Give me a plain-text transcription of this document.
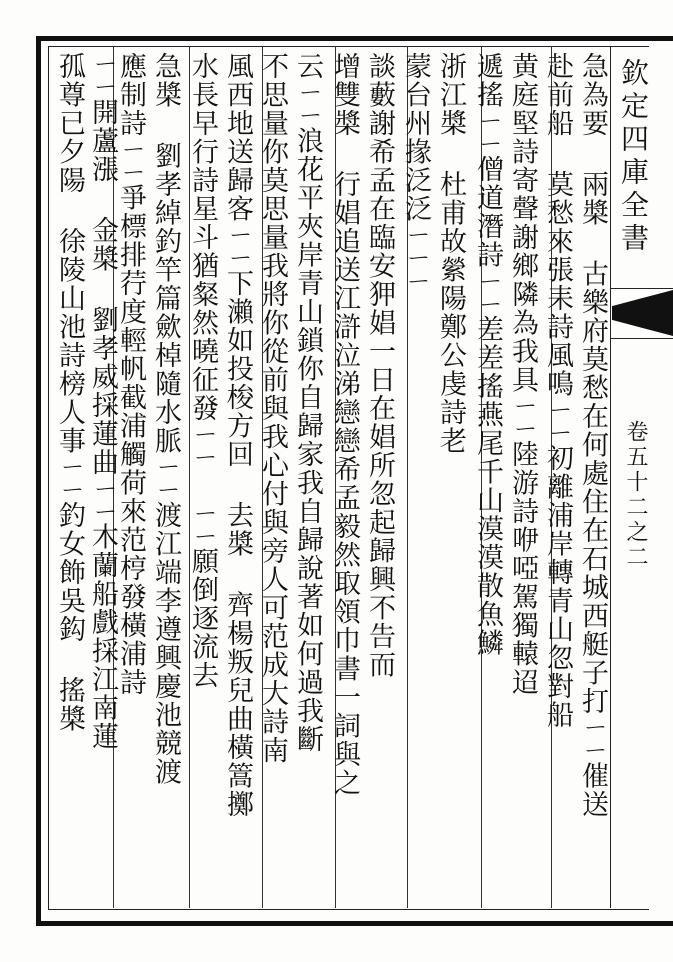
欽定四庫全書
卷五十二之二
急為要 兩槳 古樂府莫愁在何處住在石城西艇子打ㄧㄧ催送
赴前船 莫愁來張耒詩風鳴ㄧㄧ初離浦岸轉青山忽對船
黄庭堅詩寄聲謝鄉隣為我具ㄧㄧ陸游詩咿啞駕獨轅迢
遞搖ㄧㄧ僧道潛詩ㄧㄧ差差搖燕尾千山漠漠散魚鱗
浙江槳 杜甫故縈陽鄭公虔詩老
蒙台州掾泛泛ㄧㄧㄧ
談藪謝希孟在臨安狎娼一日在娼所忽起歸興不告而
增雙槳 行娼追送江滸泣涕戀戀希孟毅然取領巾書一詞與之
云ㄧㄧ浪花平夾岸青山鎖你自歸家我自歸說著如何過我斷
不思量你莫思量我將你從前與我心付與旁人可范成大詩南
風西地送歸客ㄧㄧ下瀨如投梭方回 去槳 齊楊叛兒曲橫篙擲
水長早行詩星斗猶粲然曉征發ㄧㄧ ㄧㄧ願倒逐流去
急槳 劉孝綽釣竿篇歛棹隨水脈ㄧㄧ渡江端李遵興慶池競渡
應制詩ㄧㄧ爭標排荇度輕帆截浦觸荷來范梈發橫浦詩
ㄧㄧ開蘆漲 金槳 劉孝威採蓮曲ㄧㄧ木蘭船戲採江南蓮
孤尊已夕陽 徐陵山池詩榜人事ㄧㄧ釣女飾吳鈎 搖槳
